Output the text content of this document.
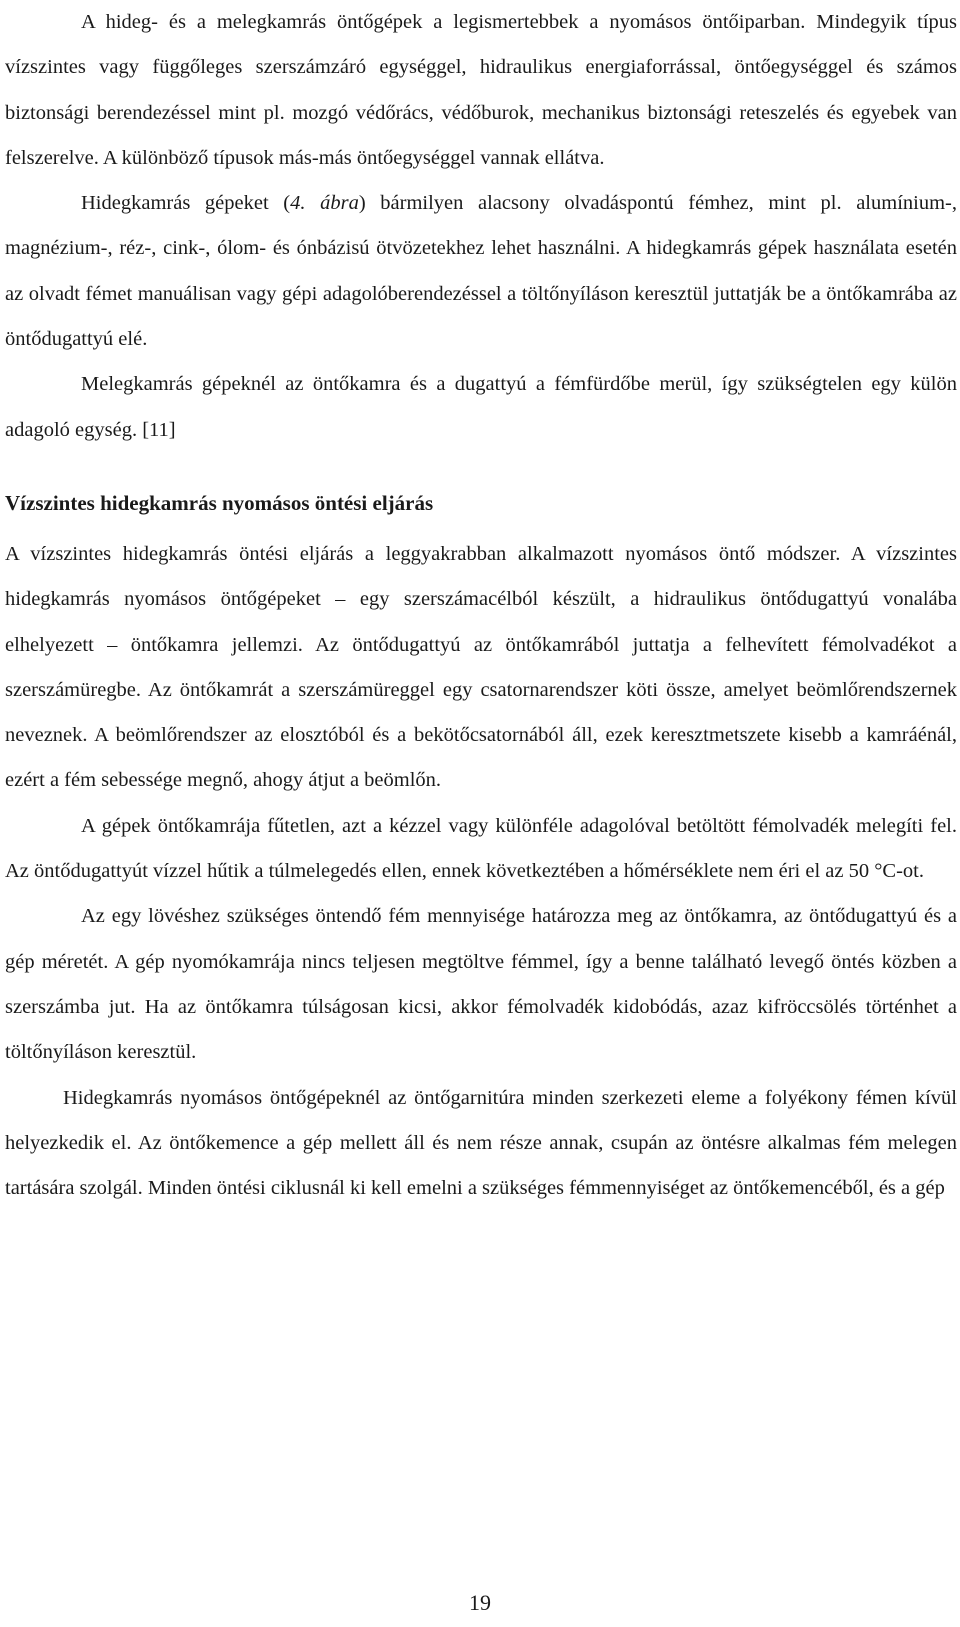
A hideg- és a melegkamrás öntőgépek a legismertebbek a nyomásos öntőiparban. Mindegyik típus vízszintes vagy függőleges szerszámzáró egységgel, hidraulikus energiaforrással, öntőegységgel és számos biztonsági berendezéssel mint pl. mozgó védőrács, védőburok, mechanikus biztonsági reteszelés és egyebek van felszerelve. A különböző típusok más-más öntőegységgel vannak ellátva.

Hidegkamrás gépeket (4. ábra) bármilyen alacsony olvadáspontú fémhez, mint pl. alumínium-, magnézium-, réz-, cink-, ólom- és ónbázisú ötvözetekhez lehet használni. A hidegkamrás gépek használata esetén az olvadt fémet manuálisan vagy gépi adagolóberendezéssel a töltőnyíláson keresztül juttatják be a öntőkamrába az öntődugattyú elé.

Melegkamrás gépeknél az öntőkamra és a dugattyú a fémfürdőbe merül, így szükségtelen egy külön adagoló egység. [11]

Vízszintes hidegkamrás nyomásos öntési eljárás

A vízszintes hidegkamrás öntési eljárás a leggyakrabban alkalmazott nyomásos öntő módszer. A vízszintes hidegkamrás nyomásos öntőgépeket – egy szerszámacélból készült, a hidraulikus öntődugattyú vonalába elhelyezett – öntőkamra jellemzi. Az öntődugattyú az öntőkamrából juttatja a felhevített fémolvadékot a szerszámüregbe. Az öntőkamrát a szerszámüreggel egy csatornarendszer köti össze, amelyet beömlőrendszernek neveznek. A beömlőrendszer az elosztóból és a bekötőcsatornából áll, ezek keresztmetszete kisebb a kamráénál, ezért a fém sebessége megnő, ahogy átjut a beömlőn.

A gépek öntőkamrája fűtetlen, azt a kézzel vagy különféle adagolóval betöltött fémolvadék melegíti fel. Az öntődugattyút vízzel hűtik a túlmelegedés ellen, ennek következtében a hőmérséklete nem éri el az 50 °C-ot.

Az egy lövéshez szükséges öntendő fém mennyisége határozza meg az öntőkamra, az öntődugattyú és a gép méretét. A gép nyomókamrája nincs teljesen megtöltve fémmel, így a benne található levegő öntés közben a szerszámba jut. Ha az öntőkamra túlságosan kicsi, akkor fémolvadék kidobódás, azaz kifröccsölés történhet a töltőnyíláson keresztül.

Hidegkamrás nyomásos öntőgépeknél az öntőgarnitúra minden szerkezeti eleme a folyékony fémen kívül helyezkedik el. Az öntőkemence a gép mellett áll és nem része annak, csupán az öntésre alkalmas fém melegen tartására szolgál. Minden öntési ciklusnál ki kell emelni a szükséges fémmennyiséget az öntőkemencéből, és a gép

19
